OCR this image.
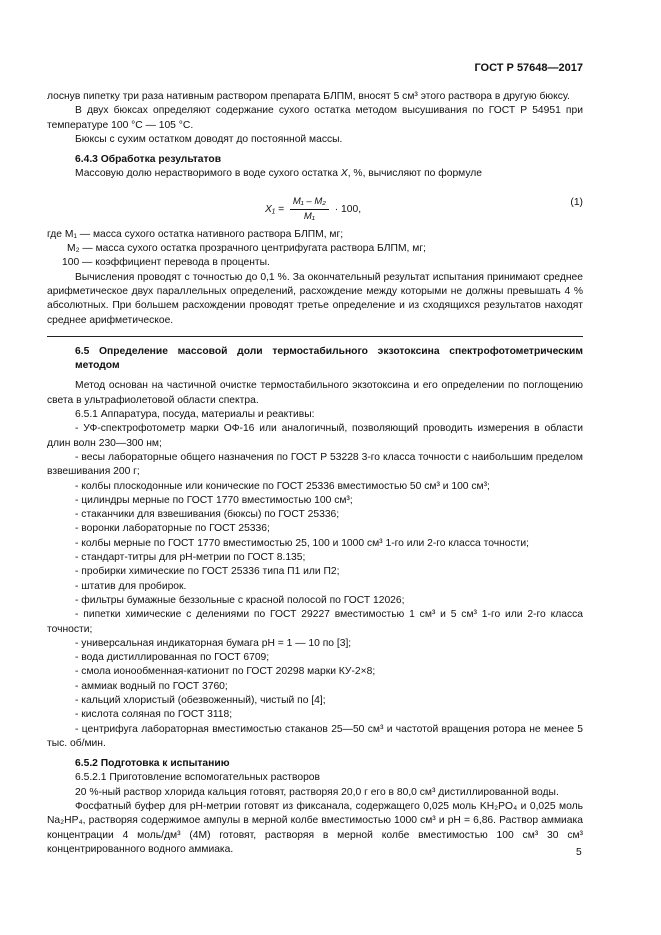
ГОСТ Р 57648—2017

лоснув пипетку три раза нативным раствором препарата БЛПМ, вносят 5 см³ этого раствора в другую бюксу.

В двух бюксах определяют содержание сухого остатка методом высушивания по ГОСТ Р 54951 при температуре 100 °С — 105 °С.

Бюксы с сухим остатком доводят до постоянной массы.

6.4.3 Обработка результатов

Массовую долю нерастворимого в воде сухого остатка Х, %, вычисляют по формуле

$X_1 = \frac{\text{M₁ – M₂}}{\text{M₁}} \cdot 100$,
(1)

где M₁ — масса сухого остатка нативного раствора БЛПМ, мг;

M₂ — масса сухого остатка прозрачного центрифугата раствора БЛПМ, мг;

100 — коэффициент перевода в проценты.

Вычисления проводят с точностью до 0,1 %. За окончательный результат испытания принимают среднее арифметическое двух параллельных определений, расхождение между которыми не должны превышать 4 % абсолютных. При большем расхождении проводят третье определение и из сходящихся результатов находят среднее арифметическое.

6.5 Определение массовой доли термостабильного экзотоксина спектрофотометрическим методом

Метод основан на частичной очистке термостабильного экзотоксина и его определении по поглощению света в ультрафиолетовой области спектра.

6.5.1 Аппаратура, посуда, материалы и реактивы:

- УФ-спектрофотометр марки ОФ-16 или аналогичный, позволяющий проводить измерения в области длин волн 230—300 нм;

- весы лабораторные общего назначения по ГОСТ Р 53228 3-го класса точности с наибольшим пределом взвешивания 200 г;

- колбы плоскодонные или конические по ГОСТ 25336 вместимостью 50 см³ и 100 см³;

- цилиндры мерные по ГОСТ 1770 вместимостью 100 см³;

- стаканчики для взвешивания (бюксы) по ГОСТ 25336;

- воронки лабораторные по ГОСТ 25336;

- колбы мерные по ГОСТ 1770 вместимостью 25, 100 и 1000 см³ 1-го или 2-го класса точности;

- стандарт-титры для pH-метрии по ГОСТ 8.135;

- пробирки химические по ГОСТ 25336 типа П1 или П2;

- штатив для пробирок.

- фильтры бумажные беззольные с красной полосой по ГОСТ 12026;

- пипетки химические с делениями по ГОСТ 29227 вместимостью 1 см³ и 5 см³ 1-го или 2-го класса точности;

- универсальная индикаторная бумага pH = 1 — 10 по [3];

- вода дистиллированная по ГОСТ 6709;

- смола ионообменная-катионит по ГОСТ 20298 марки КУ-2×8;

- аммиак водный по ГОСТ 3760;

- кальций хлористый (обезвоженный), чистый по [4];

- кислота соляная по ГОСТ 3118;

- центрифуга лабораторная вместимостью стаканов 25—50 см³ и частотой вращения ротора не менее 5 тыс. об/мин.

6.5.2 Подготовка к испытанию

6.5.2.1 Приготовление вспомогательных растворов

20 %-ный раствор хлорида кальция готовят, растворяя 20,0 г его в 80,0 см³ дистиллированной воды.

Фосфатный буфер для pH-метрии готовят из фиксанала, содержащего 0,025 моль KH₂PO₄ и 0,025 моль Na₂HP₄, растворяя содержимое ампулы в мерной колбе вместимостью 1000 см³ и pH = 6,86. Раствор аммиака концентрации 4 моль/дм³ (4М) готовят, растворяя в мерной колбе вместимостью 100 см³ 30 см³ концентрированного водного аммиака.	5
